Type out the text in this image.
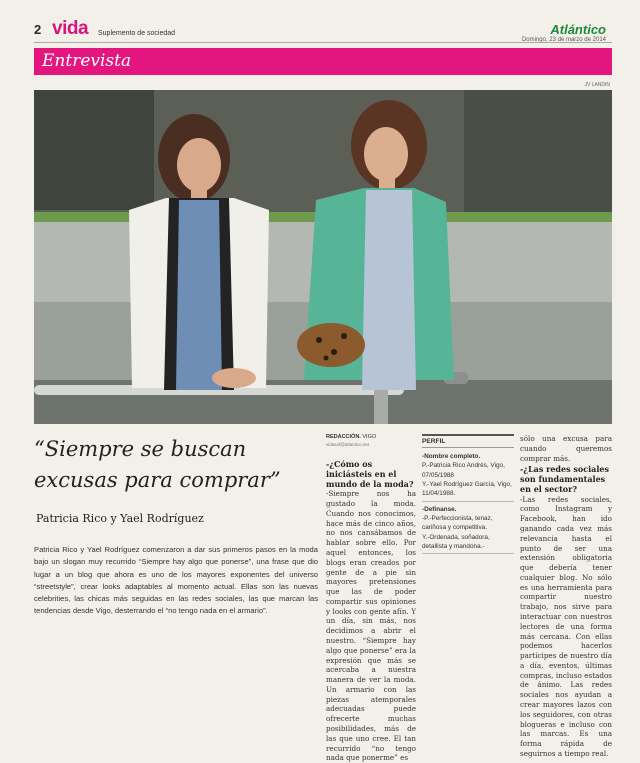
2 vida Suplemento de sociedad	Atlántico
Domingo, 23 de marzo de 2014
Entrevista
JV LANDIN
“Siempre se buscan excusas para comprar”
Patricia Rico y Yael Rodríguez

Patricia Rico y Yael Rodríguez comenzaron a dar sus primeros pasos en la moda bajo un slogan muy recurrido “Siempre hay algo que ponerse”, una frase que dio lugar a un blog que ahora es uno de los mayores exponentes del universo “streetstyle”, crear looks adaptables al momento actual. Ellas son las nuevas celebrities, las chicas más seguidas en las redes sociales, las que marcan las tendencias desde Vigo, desterrando el “no tengo nada en el armario”.

REDACCIÓN. VIGO
vidasof@atlantico.net
-¿Cómo os iniciásteis en el mundo de la moda?

-Siempre nos ha gustado la moda. Cuando nos conocimos, hace más de cinco años, no nos cansábamos de hablar sobre ello. Por aquel entonces, los blogs eran creados por gente de a pie sin mayores pretensiones que las de poder compartir sus opiniones y looks con gente afín. Y un día, sin más, nos decidimos a abrir el nuestro. “Siempre hay algo que ponerse” era la expresión que más se acercaba a nuestra manera de ver la moda. Un armario con las piezas atemporales adecuadas puede ofrecerte muchas posibilidades, más de las que uno cree. El tan recurrido “no tengo nada que ponerme” es

PERFIL
-Nombre completo.
P.-Patricia Rico Andrés, Vigo, 07/05/1988
Y.-Yael Rodríguez García, Vigo, 11/04/1988.
-Defínanse.
-P.-Perfeccionista, tenaz, cariñosa y competitiva.
Y.-Ordenada, soñadora, detallista y mandona.-

sólo una excusa para cuando queremos comprar más.

-¿Las redes sociales son fundamentales en el sector?

-Las redes sociales, como Instagram y Facebook, han ido ganando cada vez más relevancia hasta el punto de ser una extensión obligatoria que debería tener cualquier blog. No sólo es una herramienta para compartir nuestro trabajo, nos sirve para interactuar con nuestros lectores de una forma más cercana. Con ellas podemos hacerlos partícipes de nuestro día a día, eventos, últimas compras, incluso estados de ánimo. Las redes sociales nos ayudan a crear mayores lazos con los seguidores, con otras blogueras e incluso con las marcas. Es una forma rápida de seguirnos a tiempo real.
